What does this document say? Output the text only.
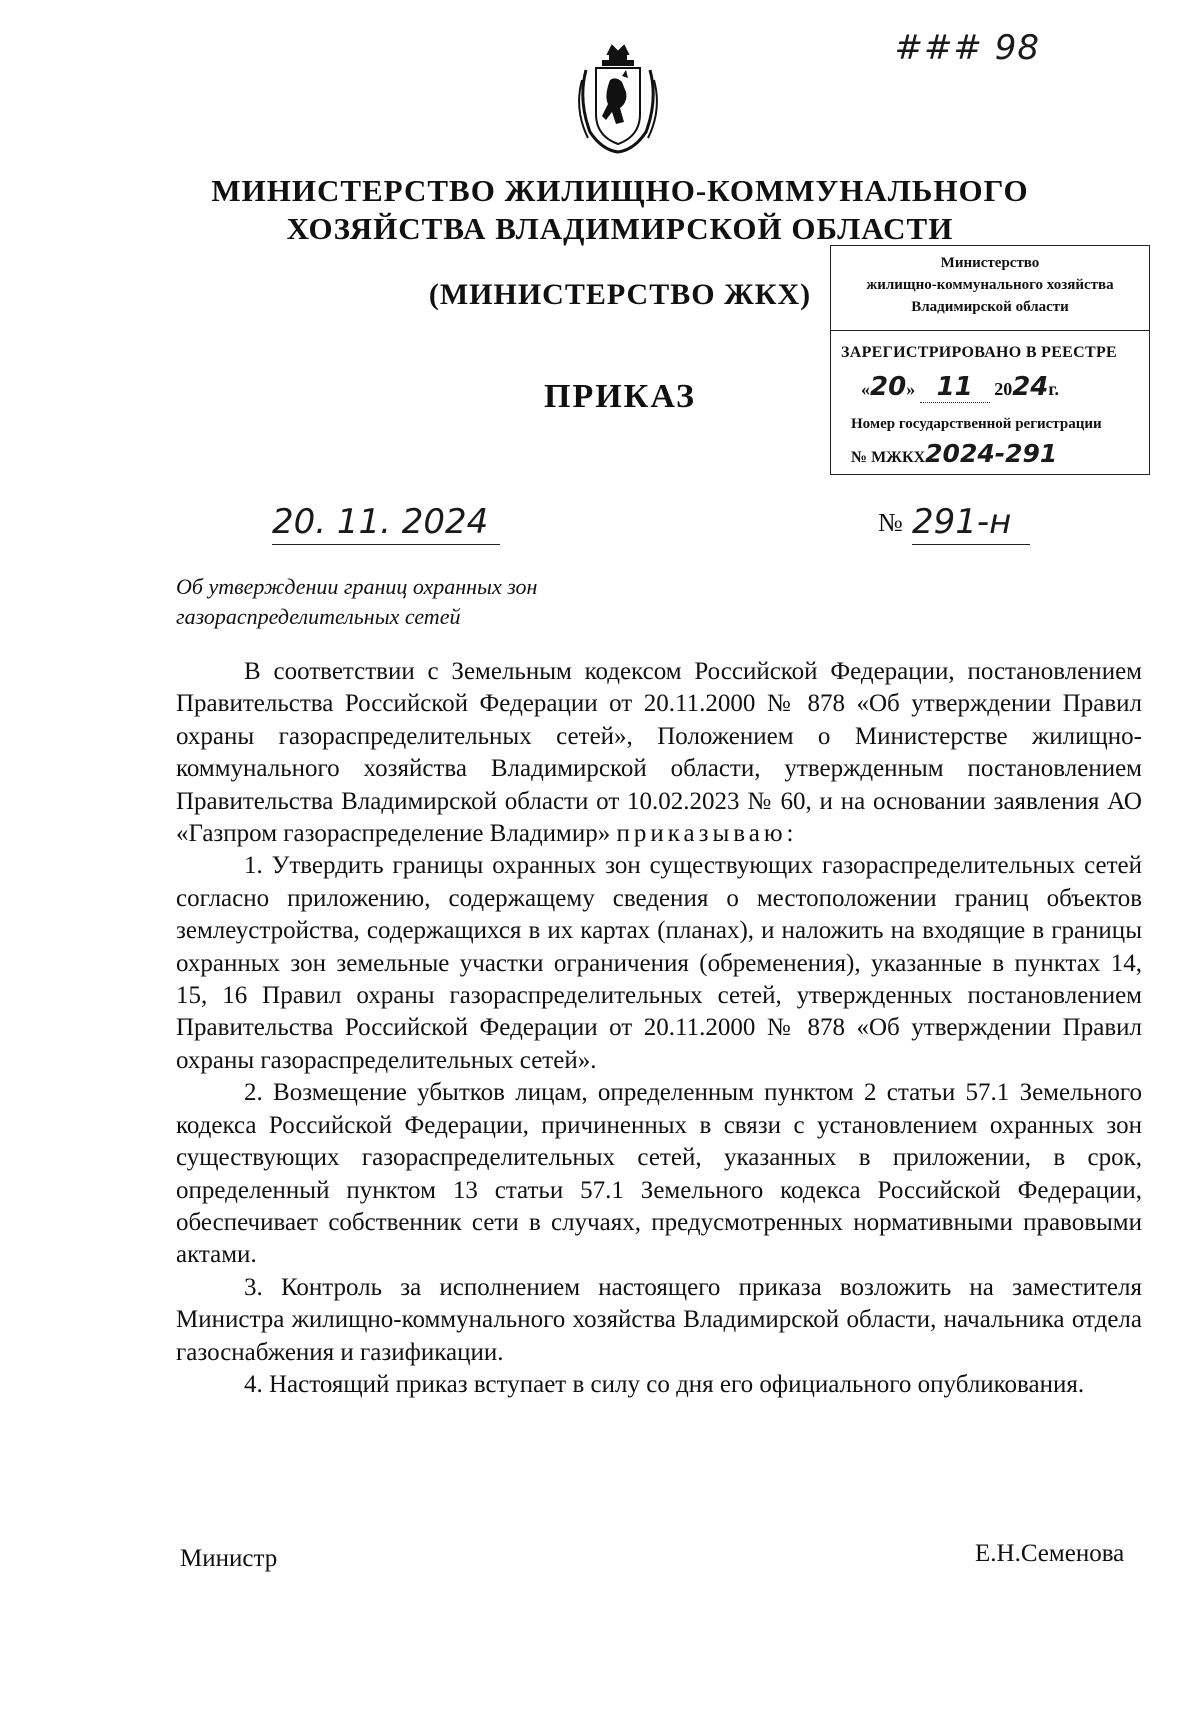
### 98
МИНИСТЕРСТВО ЖИЛИЩНО-КОММУНАЛЬНОГО
ХОЗЯЙСТВА ВЛАДИМИРСКОЙ ОБЛАСТИ
(МИНИСТЕРСТВО ЖКХ)
ПРИКАЗ
Министерство
жилищно-коммунального хозяйства
Владимирской области
ЗАРЕГИСТРИРОВАНО В РЕЕСТРЕ
«20» 11 2024г.
Номер государственной регистрации
№ МЖКХ2024-291
20. 11. 2024	№ 291-н
Об утверждении границ охранных зон
газораспределительных сетей

В соответствии с Земельным кодексом Российской Федерации, постановлением Правительства Российской Федерации от 20.11.2000 № 878 «Об утверждении Правил охраны газораспределительных сетей», Положением о Министерстве жилищно-коммунального хозяйства Владимирской области, утвержденным постановлением Правительства Владимирской области от 10.02.2023 № 60, и на основании заявления АО «Газпром газораспределение Владимир» приказываю:

1. Утвердить границы охранных зон существующих газораспределительных сетей согласно приложению, содержащему сведения о местоположении границ объектов землеустройства, содержащихся в их картах (планах), и наложить на входящие в границы охранных зон земельные участки ограничения (обременения), указанные в пунктах 14, 15, 16 Правил охраны газораспределительных сетей, утвержденных постановлением Правительства Российской Федерации от 20.11.2000 № 878 «Об утверждении Правил охраны газораспределительных сетей».

2. Возмещение убытков лицам, определенным пунктом 2 статьи 57.1 Земельного кодекса Российской Федерации, причиненных в связи с установлением охранных зон существующих газораспределительных сетей, указанных в приложении, в срок, определенный пунктом 13 статьи 57.1 Земельного кодекса Российской Федерации, обеспечивает собственник сети в случаях, предусмотренных нормативными правовыми актами.

3. Контроль за исполнением настоящего приказа возложить на заместителя Министра жилищно-коммунального хозяйства Владимирской области, начальника отдела газоснабжения и газификации.

4. Настоящий приказ вступает в силу со дня его официального опубликования.

Министр	Е.Н.Семенова
